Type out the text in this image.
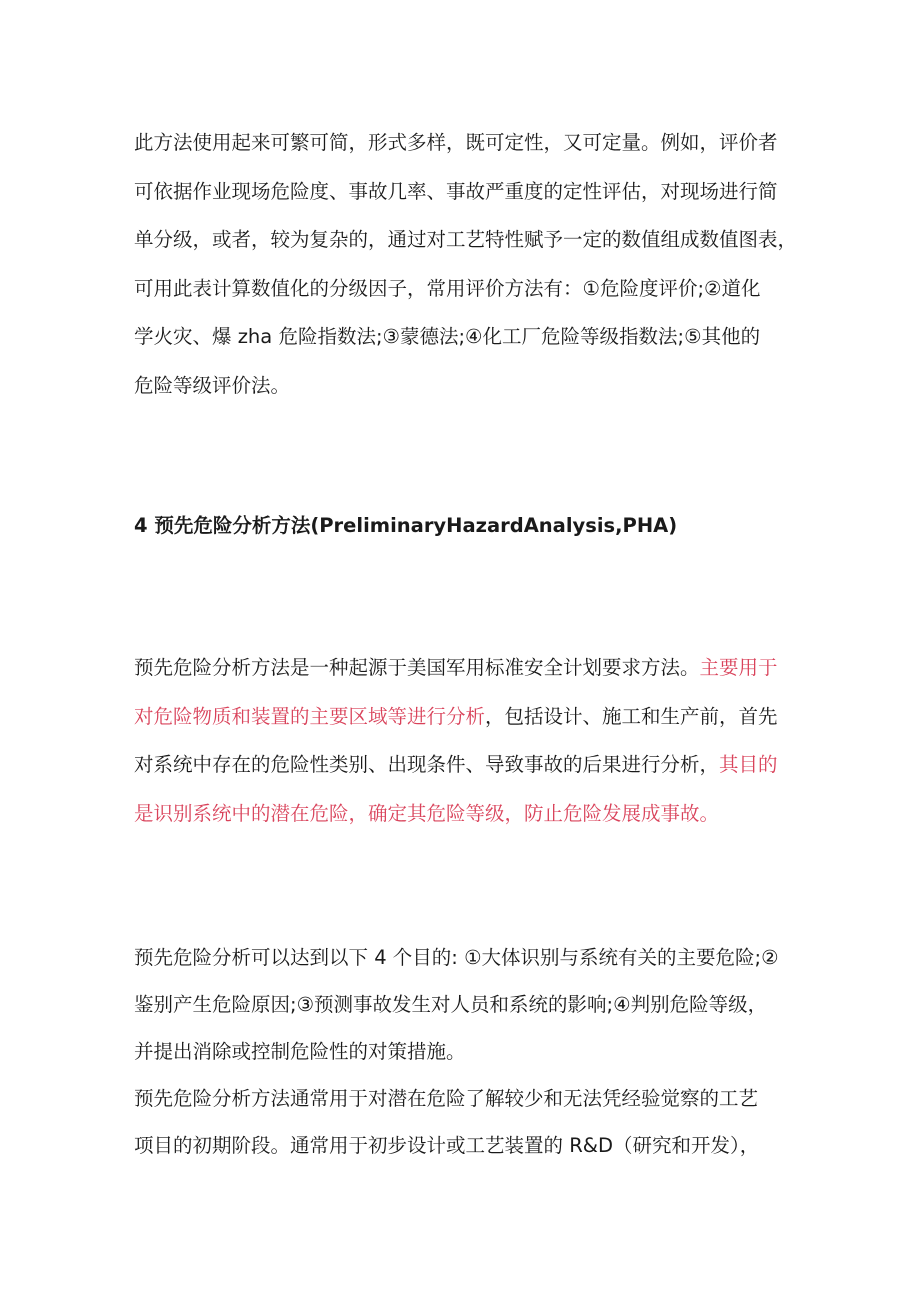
此方法使用起来可繁可简，形式多样，既可定性，又可定量。例如，评价者
可依据作业现场危险度、事故几率、事故严重度的定性评估，对现场进行简
单分级，或者，较为复杂的，通过对工艺特性赋予一定的数值组成数值图表，
可用此表计算数值化的分级因子，常用评价方法有：①危险度评价;②道化
学火灾、爆 zha 危险指数法;③蒙德法;④化工厂危险等级指数法;⑤其他的
危险等级评价法。

4 预先危险分析方法(PreliminaryHazardAnalysis,PHA)

预先危险分析方法是一种起源于美国军用标准安全计划要求方法。主要用于
对危险物质和装置的主要区域等进行分析，包括设计、施工和生产前，首先
对系统中存在的危险性类别、出现条件、导致事故的后果进行分析，其目的
是识别系统中的潜在危险，确定其危险等级，防止危险发展成事故。

预先危险分析可以达到以下 4 个目的: ①大体识别与系统有关的主要危险;②
鉴别产生危险原因;③预测事故发生对人员和系统的影响;④判别危险等级，
并提出消除或控制危险性的对策措施。
预先危险分析方法通常用于对潜在危险了解较少和无法凭经验觉察的工艺
项目的初期阶段。通常用于初步设计或工艺装置的 R&D（研究和开发），
